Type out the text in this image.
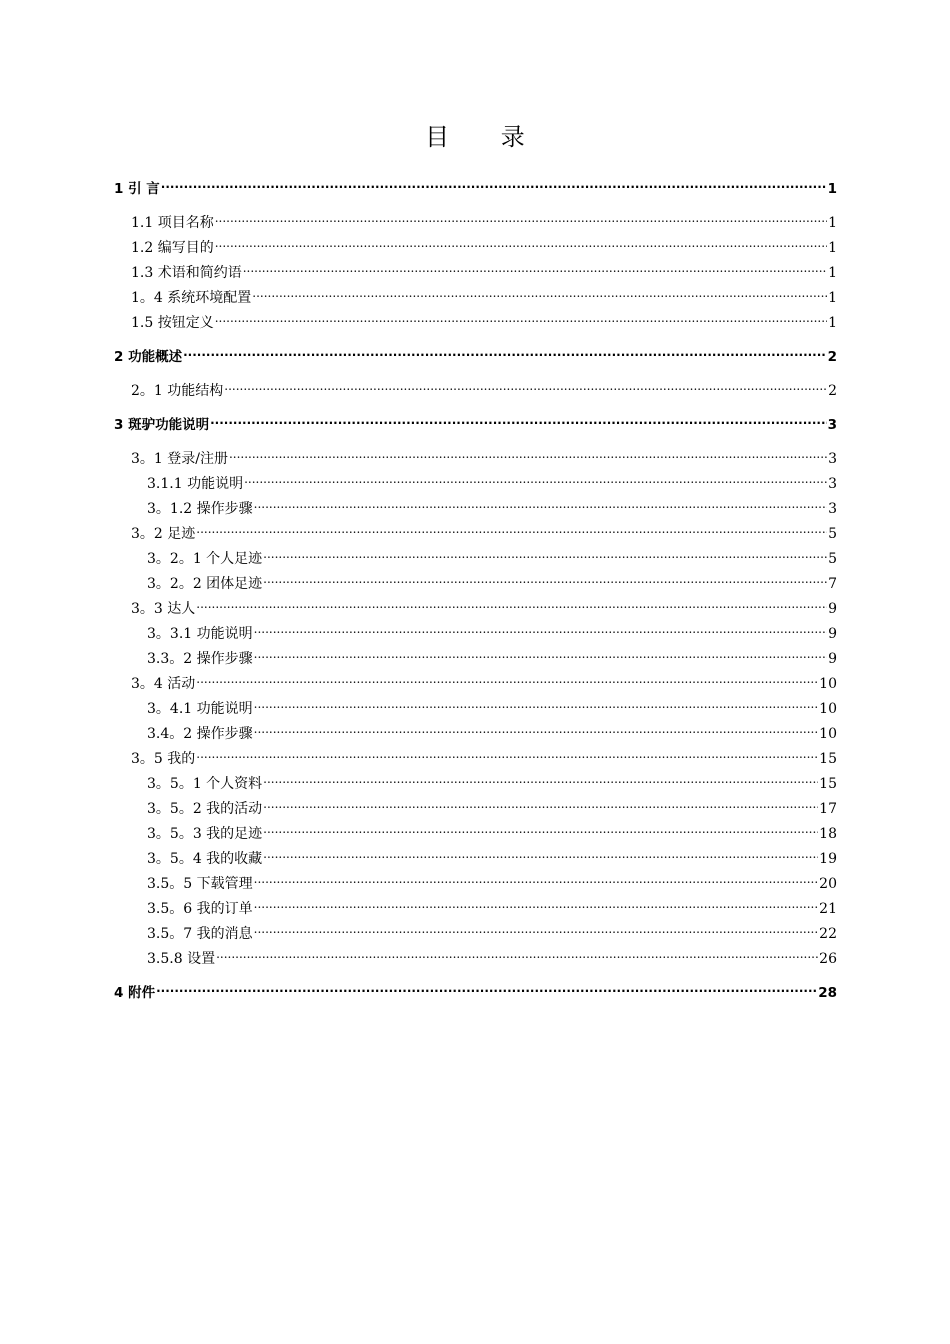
目 录
1 引 言 .....	1
1.1 项目名称 .....	1
1.2 编写目的 .....	1
1.3 术语和简约语 .....	1
1。4 系统环境配置 .....	1
1.5 按钮定义 .....	1
2 功能概述 .....	2
2。1 功能结构 .....	2
3 斑驴功能说明 .....	3
3。1 登录/注册 .....	3
3.1.1 功能说明 .....	3
3。1.2 操作步骤 .....	3
3。2 足迹 .....	5
3。2。1 个人足迹 .....	5
3。2。2 团体足迹 .....	7
3。3 达人 .....	9
3。3.1 功能说明 .....	9
3.3。2 操作步骤 .....	9
3。4 活动 .....	10
3。4.1 功能说明 .....	10
3.4。2 操作步骤 .....	10
3。5 我的 .....	15
3。5。1 个人资料 .....	15
3。5。2 我的活动 .....	17
3。5。3 我的足迹 .....	18
3。5。4 我的收藏 .....	19
3.5。5 下载管理 .....	20
3.5。6 我的订单 .....	21
3.5。7 我的消息 .....	22
3.5.8 设置 .....	26
4 附件 .....	28
